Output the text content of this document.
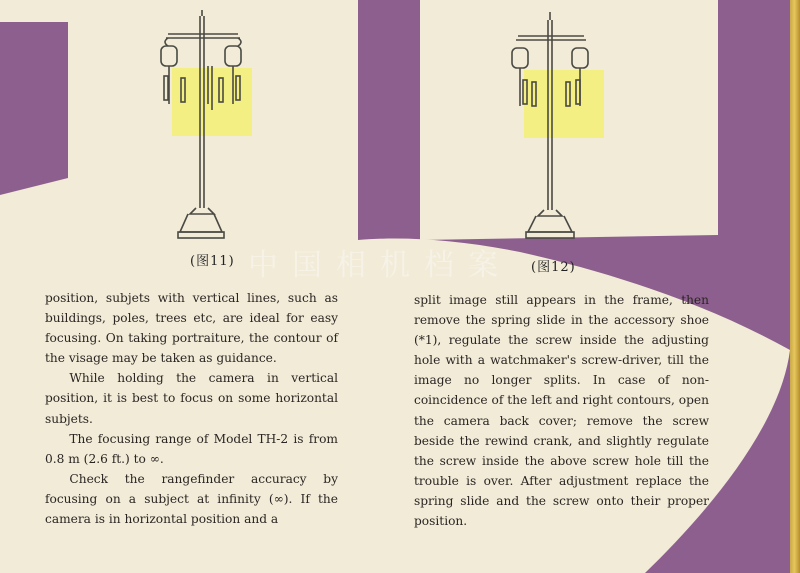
(图11)	(图12)
中国相机档案

position, subjets with vertical lines, such as buildings, poles, trees etc, are ideal for easy focusing. On taking portraiture, the contour of the visage may be taken as guidance.

While holding the camera in vertical position, it is best to focus on some horizontal subjets.

The focusing range of Model TH-2 is from 0.8 m (2.6 ft.) to ∞.

Check the rangefinder accuracy by focusing on a subject at infinity (∞). If the camera is in horizontal position and a

split image still appears in the frame, then remove the spring slide in the accessory shoe (*1), regulate the screw inside the adjusting hole with a watchmaker's screw-driver, till the image no longer splits. In case of non-coincidence of the left and right contours, open the camera back cover; remove the screw beside the rewind crank, and slightly regulate the screw inside the above screw hole till the trouble is over. After adjustment replace the spring slide and the screw onto their proper position.
